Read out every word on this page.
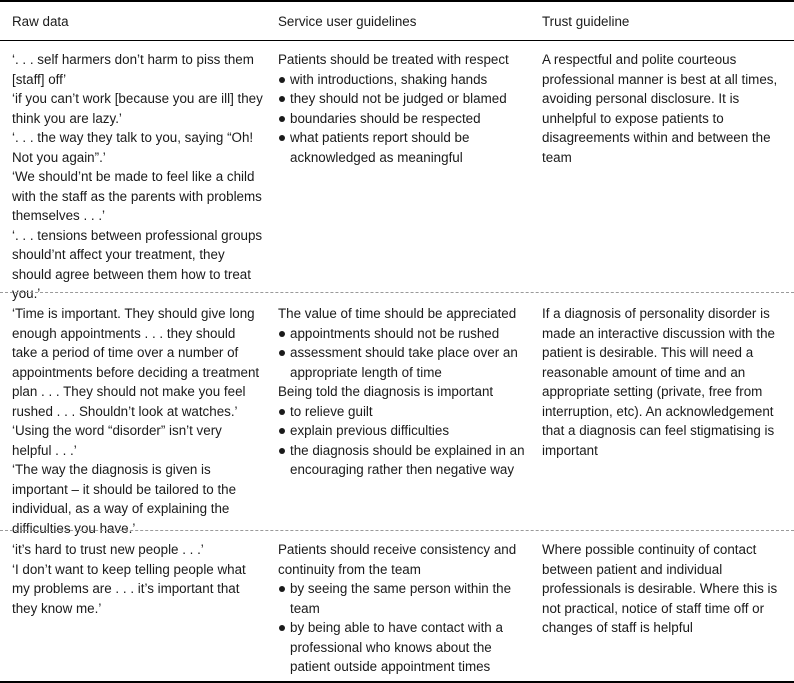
Raw data	Service user guidelines	Trust guideline

‘. . . self harmers don’t harm to piss them [staff] off’

‘if you can’t work [because you are ill] they think you are lazy.’

‘. . . the way they talk to you, saying “Oh! Not you again”.’

‘We should’nt be made to feel like a child with the staff as the parents with problems themselves . . .’

‘. . . tensions between professional groups should’nt affect your treatment, they should agree between them how to treat you.’

Patients should be treated with respect

with introductions, shaking hands
they should not be judged or blamed
boundaries should be respected
what patients report should be acknowledged as meaningful

A respectful and polite courteous professional manner is best at all times, avoiding personal disclosure. It is unhelpful to expose patients to disagreements within and between the team

‘Time is important. They should give long enough appointments . . . they should take a period of time over a number of appointments before deciding a treatment plan . . . They should not make you feel rushed . . . Shouldn’t look at watches.’

‘Using the word “disorder” isn’t very helpful . . .’

‘The way the diagnosis is given is important – it should be tailored to the individual, as a way of explaining the difficulties you have.’

The value of time should be appreciated

appointments should not be rushed
assessment should take place over an appropriate length of time

Being told the diagnosis is important

to relieve guilt
explain previous difficulties
the diagnosis should be explained in an encouraging rather then negative way

If a diagnosis of personality disorder is made an interactive discussion with the patient is desirable. This will need a reasonable amount of time and an appropriate setting (private, free from interruption, etc). An acknowledgement that a diagnosis can feel stigmatising is important

‘it’s hard to trust new people . . .’

‘I don’t want to keep telling people what my problems are . . . it’s important that they know me.’

Patients should receive consistency and continuity from the team

by seeing the same person within the team
by being able to have contact with a professional who knows about the patient outside appointment times

Where possible continuity of contact between patient and individual professionals is desirable. Where this is not practical, notice of staff time off or changes of staff is helpful
